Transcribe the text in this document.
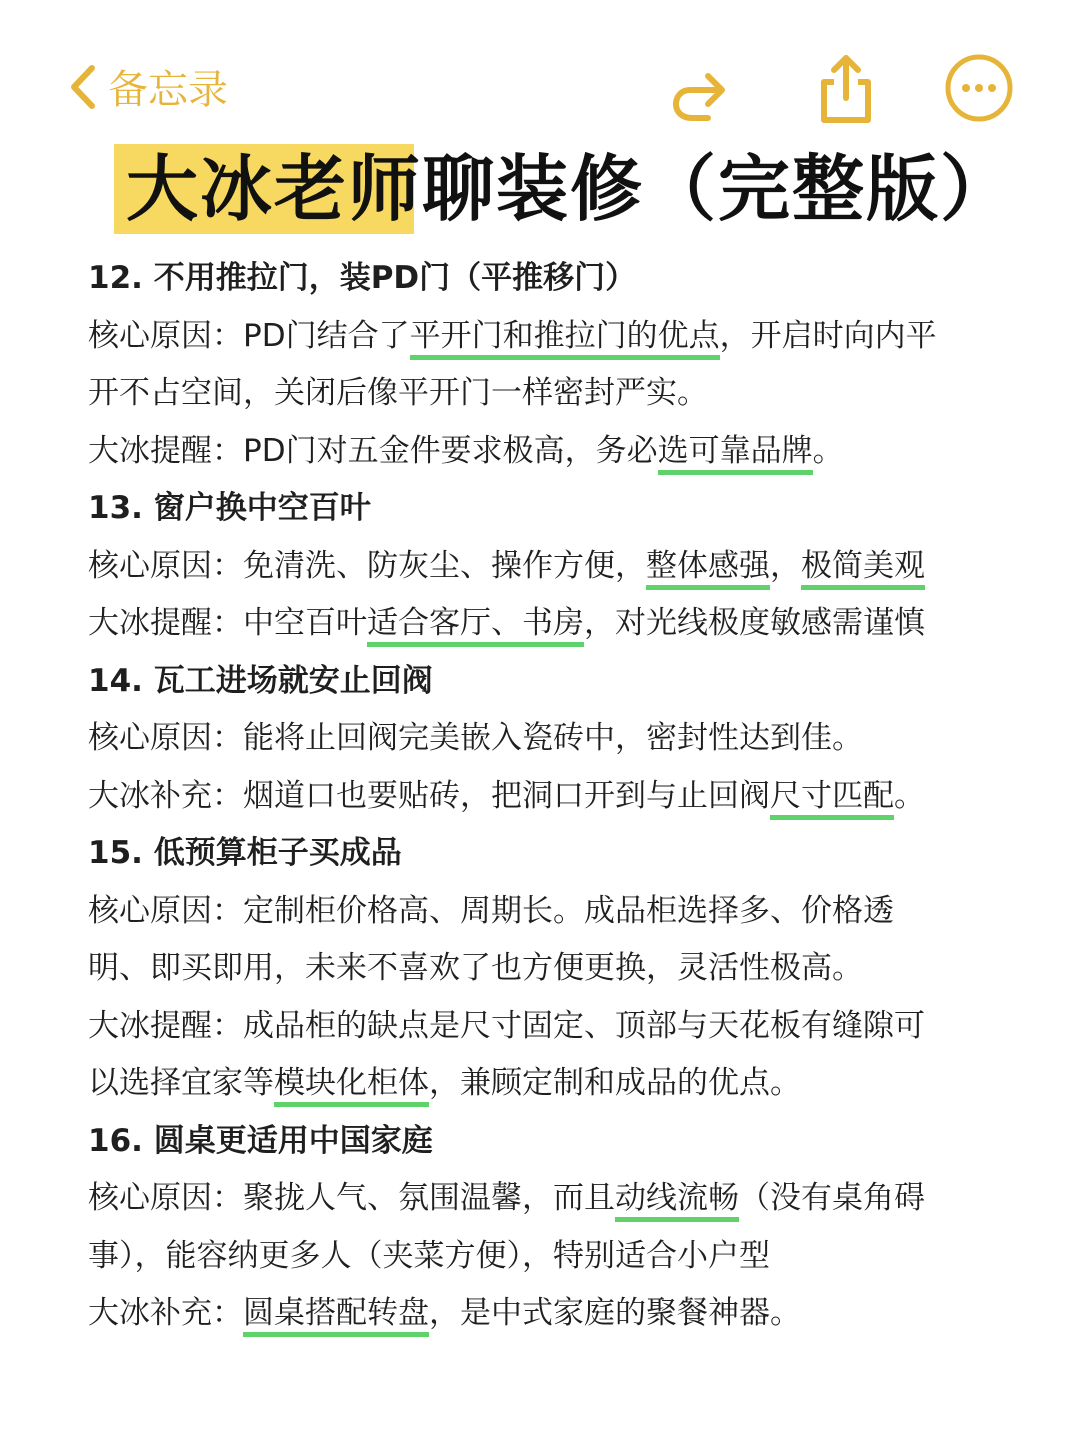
备忘录
大冰老师聊装修（完整版）
12. 不用推拉门，装PD门（平推移门）
核心原因：PD门结合了平开门和推拉门的优点，开启时向内平
开不占空间，关闭后像平开门一样密封严实。
大冰提醒：PD门对五金件要求极高，务必选可靠品牌。
13. 窗户换中空百叶
核心原因：免清洗、防灰尘、操作方便，整体感强，极简美观
大冰提醒：中空百叶适合客厅、书房，对光线极度敏感需谨慎
14. 瓦工进场就安止回阀
核心原因：能将止回阀完美嵌入瓷砖中，密封性达到佳。
大冰补充：烟道口也要贴砖，把洞口开到与止回阀尺寸匹配。
15. 低预算柜子买成品
核心原因：定制柜价格高、周期长。成品柜选择多、价格透
明、即买即用，未来不喜欢了也方便更换，灵活性极高。
大冰提醒：成品柜的缺点是尺寸固定、顶部与天花板有缝隙可
以选择宜家等模块化柜体，兼顾定制和成品的优点。
16. 圆桌更适用中国家庭
核心原因：聚拢人气、氛围温馨，而且动线流畅（没有桌角碍
事），能容纳更多人（夹菜方便），特别适合小户型
大冰补充：圆桌搭配转盘，是中式家庭的聚餐神器。
